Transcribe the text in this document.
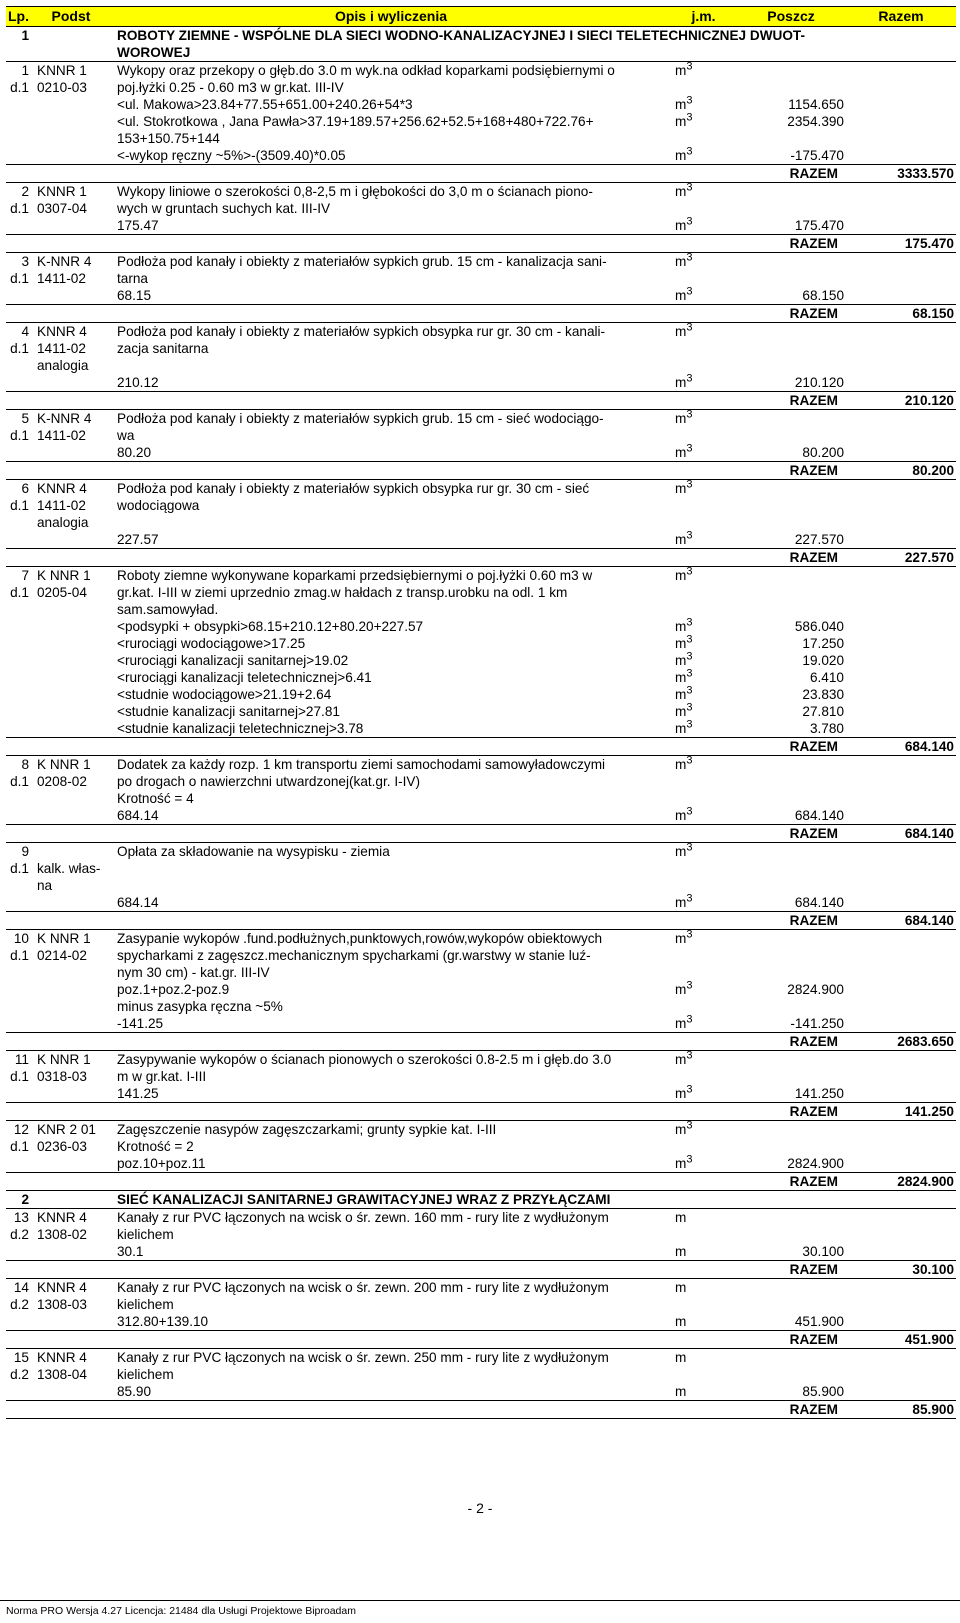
Lp.	Podst	Opis i wyliczenia	j.m.	Poszcz	Razem
1		ROBOTY ZIEMNE - WSPÓLNE DLA SIECI WODNO-KANALIZACYJNEJ I SIECI TELETECHNICZNEJ DWUOT-			
		WOROWEJ			
1	KNNR 1	Wykopy oraz przekopy o głęb.do 3.0 m wyk.na odkład koparkami podsiębiernymi o	$m^3$		
d.1	0210-03	poj.łyżki 0.25 - 0.60 m3 w gr.kat. III-IV			
		<ul. Makowa>23.84+77.55+651.00+240.26+54*3	$m^3$	1154.650	
		<ul. Stokrotkowa , Jana Pawła>37.19+189.57+256.62+52.5+168+480+722.76+	$m^3$	2354.390	
		153+150.75+144			
		<-wykop ręczny ~5%>-(3509.40)*0.05	$m^3$	-175.470	
			RAZEM		3333.570
2	KNNR 1	Wykopy liniowe o szerokości 0,8-2,5 m i głębokości do 3,0 m o ścianach piono-	$m^3$		
d.1	0307-04	wych w gruntach suchych kat. III-IV			
		175.47	$m^3$	175.470	
			RAZEM		175.470
3	K-NNR 4	Podłoża pod kanały i obiekty z materiałów sypkich grub. 15 cm - kanalizacja sani-	$m^3$		
d.1	1411-02	tarna			
		68.15	$m^3$	68.150	
			RAZEM		68.150
4	KNNR 4	Podłoża pod kanały i obiekty z materiałów sypkich obsypka rur gr. 30 cm - kanali-	$m^3$		
d.1	1411-02	zacja sanitarna			
	analogia				
		210.12	$m^3$	210.120	
			RAZEM		210.120
5	K-NNR 4	Podłoża pod kanały i obiekty z materiałów sypkich grub. 15 cm - sieć wodociągo-	$m^3$		
d.1	1411-02	wa			
		80.20	$m^3$	80.200	
			RAZEM		80.200
6	KNNR 4	Podłoża pod kanały i obiekty z materiałów sypkich obsypka rur gr. 30 cm - sieć	$m^3$		
d.1	1411-02	wodociągowa			
	analogia				
		227.57	$m^3$	227.570	
			RAZEM		227.570
7	K NNR 1	Roboty ziemne wykonywane koparkami przedsiębiernymi o poj.łyżki 0.60 m3 w	$m^3$		
d.1	0205-04	gr.kat. I-III w ziemi uprzednio zmag.w hałdach z transp.urobku na odl. 1 km			
		sam.samowyład.			
		<podsypki + obsypki>68.15+210.12+80.20+227.57	$m^3$	586.040	
		<rurociągi wodociągowe>17.25	$m^3$	17.250	
		<rurociągi kanalizacji sanitarnej>19.02	$m^3$	19.020	
		<rurociągi kanalizacji teletechnicznej>6.41	$m^3$	6.410	
		<studnie wodociągowe>21.19+2.64	$m^3$	23.830	
		<studnie kanalizacji sanitarnej>27.81	$m^3$	27.810	
		<studnie kanalizacji teletechnicznej>3.78	$m^3$	3.780	
			RAZEM		684.140
8	K NNR 1	Dodatek za każdy rozp. 1 km transportu ziemi samochodami samowyładowczymi	$m^3$		
d.1	0208-02	po drogach o nawierzchni utwardzonej(kat.gr. I-IV)			
		Krotność = 4			
		684.14	$m^3$	684.140	
			RAZEM		684.140
9		Opłata za składowanie na wysypisku - ziemia	$m^3$		
d.1	kalk. włas-				
	na				
		684.14	$m^3$	684.140	
			RAZEM		684.140
10	K NNR 1	Zasypanie wykopów .fund.podłużnych,punktowych,rowów,wykopów obiektowych	$m^3$		
d.1	0214-02	spycharkami z zagęszcz.mechanicznym spycharkami (gr.warstwy w stanie luź-			
		nym 30 cm) - kat.gr. III-IV			
		poz.1+poz.2-poz.9	$m^3$	2824.900	
		minus zasypka ręczna ~5%			
		-141.25	$m^3$	-141.250	
			RAZEM		2683.650
11	K NNR 1	Zasypywanie wykopów o ścianach pionowych o szerokości 0.8-2.5 m i głęb.do 3.0	$m^3$		
d.1	0318-03	m w gr.kat. I-III			
		141.25	$m^3$	141.250	
			RAZEM		141.250
12	KNR 2 01	Zagęszczenie nasypów zagęszczarkami; grunty sypkie kat. I-III	$m^3$		
d.1	0236-03	Krotność = 2			
		poz.10+poz.11	$m^3$	2824.900	
			RAZEM		2824.900
2		SIEĆ KANALIZACJI SANITARNEJ GRAWITACYJNEJ WRAZ Z PRZYŁĄCZAMI			
13	KNNR 4	Kanały z rur PVC łączonych na wcisk o śr. zewn. 160 mm - rury lite z wydłużonym	m		
d.2	1308-02	kielichem			
		30.1	m	30.100	
			RAZEM		30.100
14	KNNR 4	Kanały z rur PVC łączonych na wcisk o śr. zewn. 200 mm - rury lite z wydłużonym	m		
d.2	1308-03	kielichem			
		312.80+139.10	m	451.900	
			RAZEM		451.900
15	KNNR 4	Kanały z rur PVC łączonych na wcisk o śr. zewn. 250 mm - rury lite z wydłużonym	m		
d.2	1308-04	kielichem			
		85.90	m	85.900	
			RAZEM		85.900
- 2 -
Norma PRO Wersja 4.27 Licencja: 21484 dla Usługi Projektowe Biproadam
